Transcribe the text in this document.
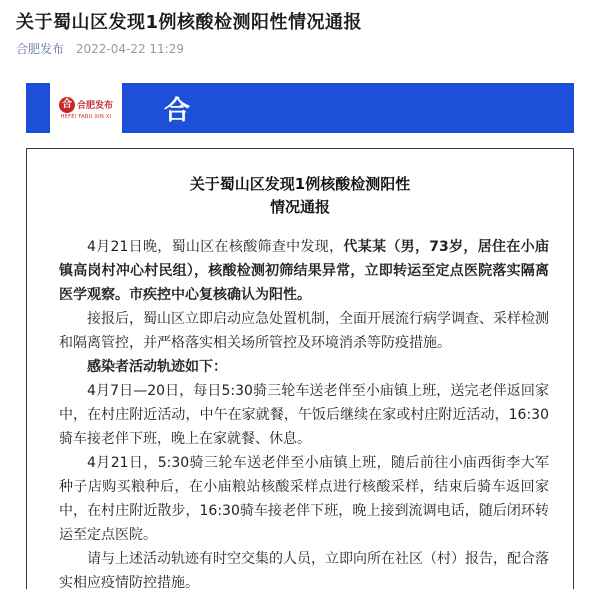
关于蜀山区发现1例核酸检测阳性情况通报
合肥发布 2022-04-22 11:29
合 合肥发布
HEFEI FABU XIN XI 合
关于蜀山区发现1例核酸检测阳性
情况通报

4月21日晚，蜀山区在核酸筛查中发现，代某某（男，73岁，居住在小庙镇高岗村冲心村民组），核酸检测初筛结果异常，立即转运至定点医院落实隔离医学观察。市疾控中心复核确认为阳性。

接报后，蜀山区立即启动应急处置机制，全面开展流行病学调查、采样检测和隔离管控，并严格落实相关场所管控及环境消杀等防疫措施。

感染者活动轨迹如下：

4月7日—20日，每日5:30骑三轮车送老伴至小庙镇上班，送完老伴返回家中，在村庄附近活动，中午在家就餐，午饭后继续在家或村庄附近活动，16:30骑车接老伴下班，晚上在家就餐、休息。

4月21日，5:30骑三轮车送老伴至小庙镇上班，随后前往小庙西街李大军种子店购买粮种后，在小庙粮站核酸采样点进行核酸采样，结束后骑车返回家中，在村庄附近散步，16:30骑车接老伴下班，晚上接到流调电话，随后闭环转运至定点医院。

请与上述活动轨迹有时空交集的人员，立即向所在社区（村）报告，配合落实相应疫情防控措施。
